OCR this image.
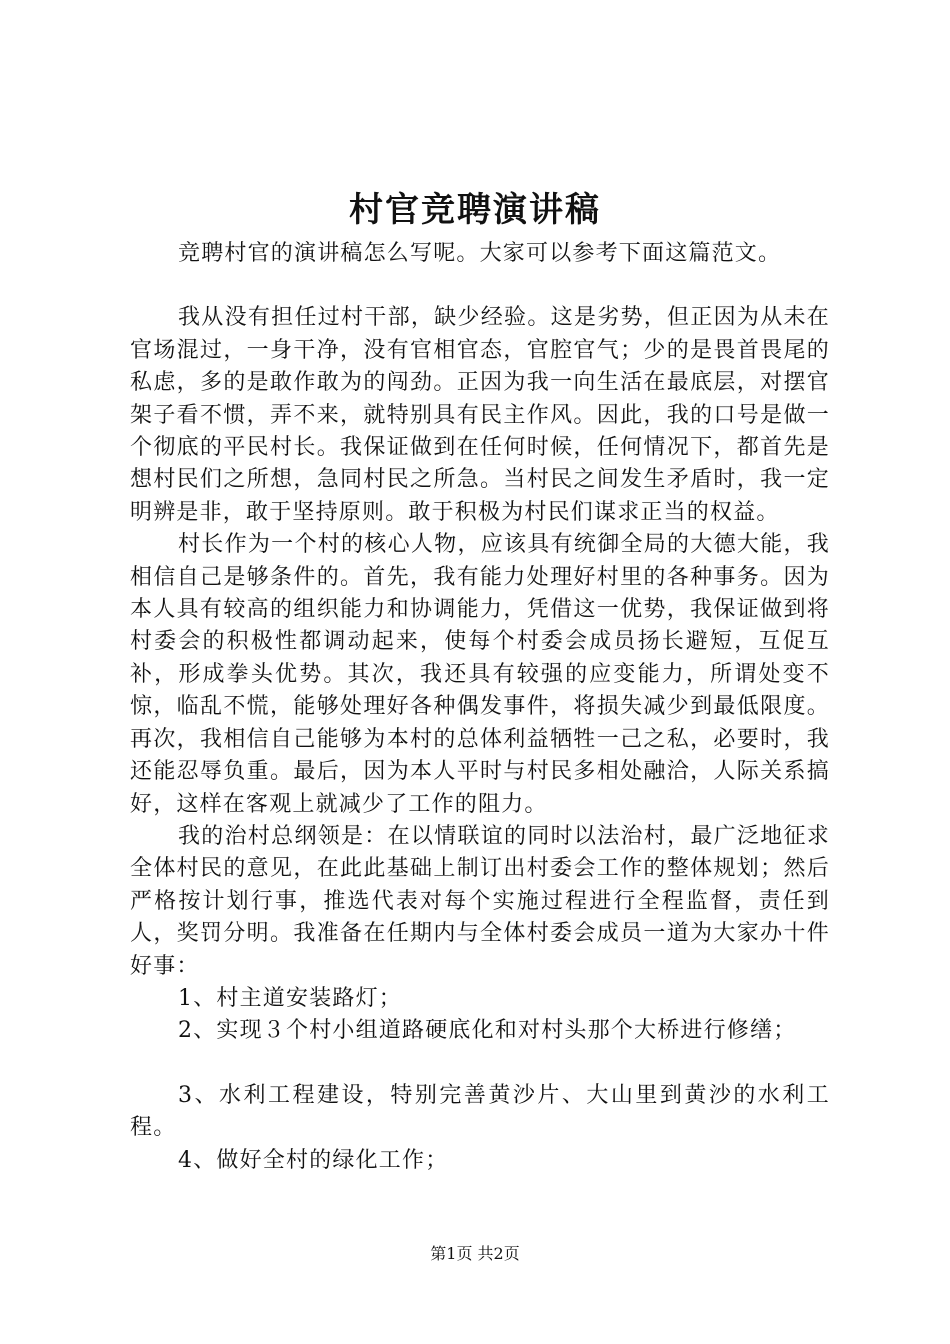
村官竞聘演讲稿

竞聘村官的演讲稿怎么写呢。大家可以参考下面这篇范文。

我从没有担任过村干部，缺少经验。这是劣势，但正因为从未在官场混过，一身干净，没有官相官态，官腔官气；少的是畏首畏尾的私虑，多的是敢作敢为的闯劲。正因为我一向生活在最底层，对摆官架子看不惯，弄不来，就特别具有民主作风。因此，我的口号是做一个彻底的平民村长。我保证做到在任何时候，任何情况下，都首先是想村民们之所想，急同村民之所急。当村民之间发生矛盾时，我一定明辨是非，敢于坚持原则。敢于积极为村民们谋求正当的权益。

村长作为一个村的核心人物，应该具有统御全局的大德大能，我相信自己是够条件的。首先，我有能力处理好村里的各种事务。因为本人具有较高的组织能力和协调能力，凭借这一优势，我保证做到将村委会的积极性都调动起来，使每个村委会成员扬长避短，互促互补，形成拳头优势。其次，我还具有较强的应变能力，所谓处变不惊，临乱不慌，能够处理好各种偶发事件，将损失减少到最低限度。再次，我相信自己能够为本村的总体利益牺牲一己之私，必要时，我还能忍辱负重。最后，因为本人平时与村民多相处融洽，人际关系搞好，这样在客观上就减少了工作的阻力。

我的治村总纲领是：在以情联谊的同时以法治村，最广泛地征求全体村民的意见，在此此基础上制订出村委会工作的整体规划；然后严格按计划行事，推选代表对每个实施过程进行全程监督，责任到人，奖罚分明。我准备在任期内与全体村委会成员一道为大家办十件好事：

1、村主道安装路灯；

2、实现３个村小组道路硬底化和对村头那个大桥进行修缮；

3、水利工程建设，特别完善黄沙片、大山里到黄沙的水利工程。

4、做好全村的绿化工作；

第1页 共2页
